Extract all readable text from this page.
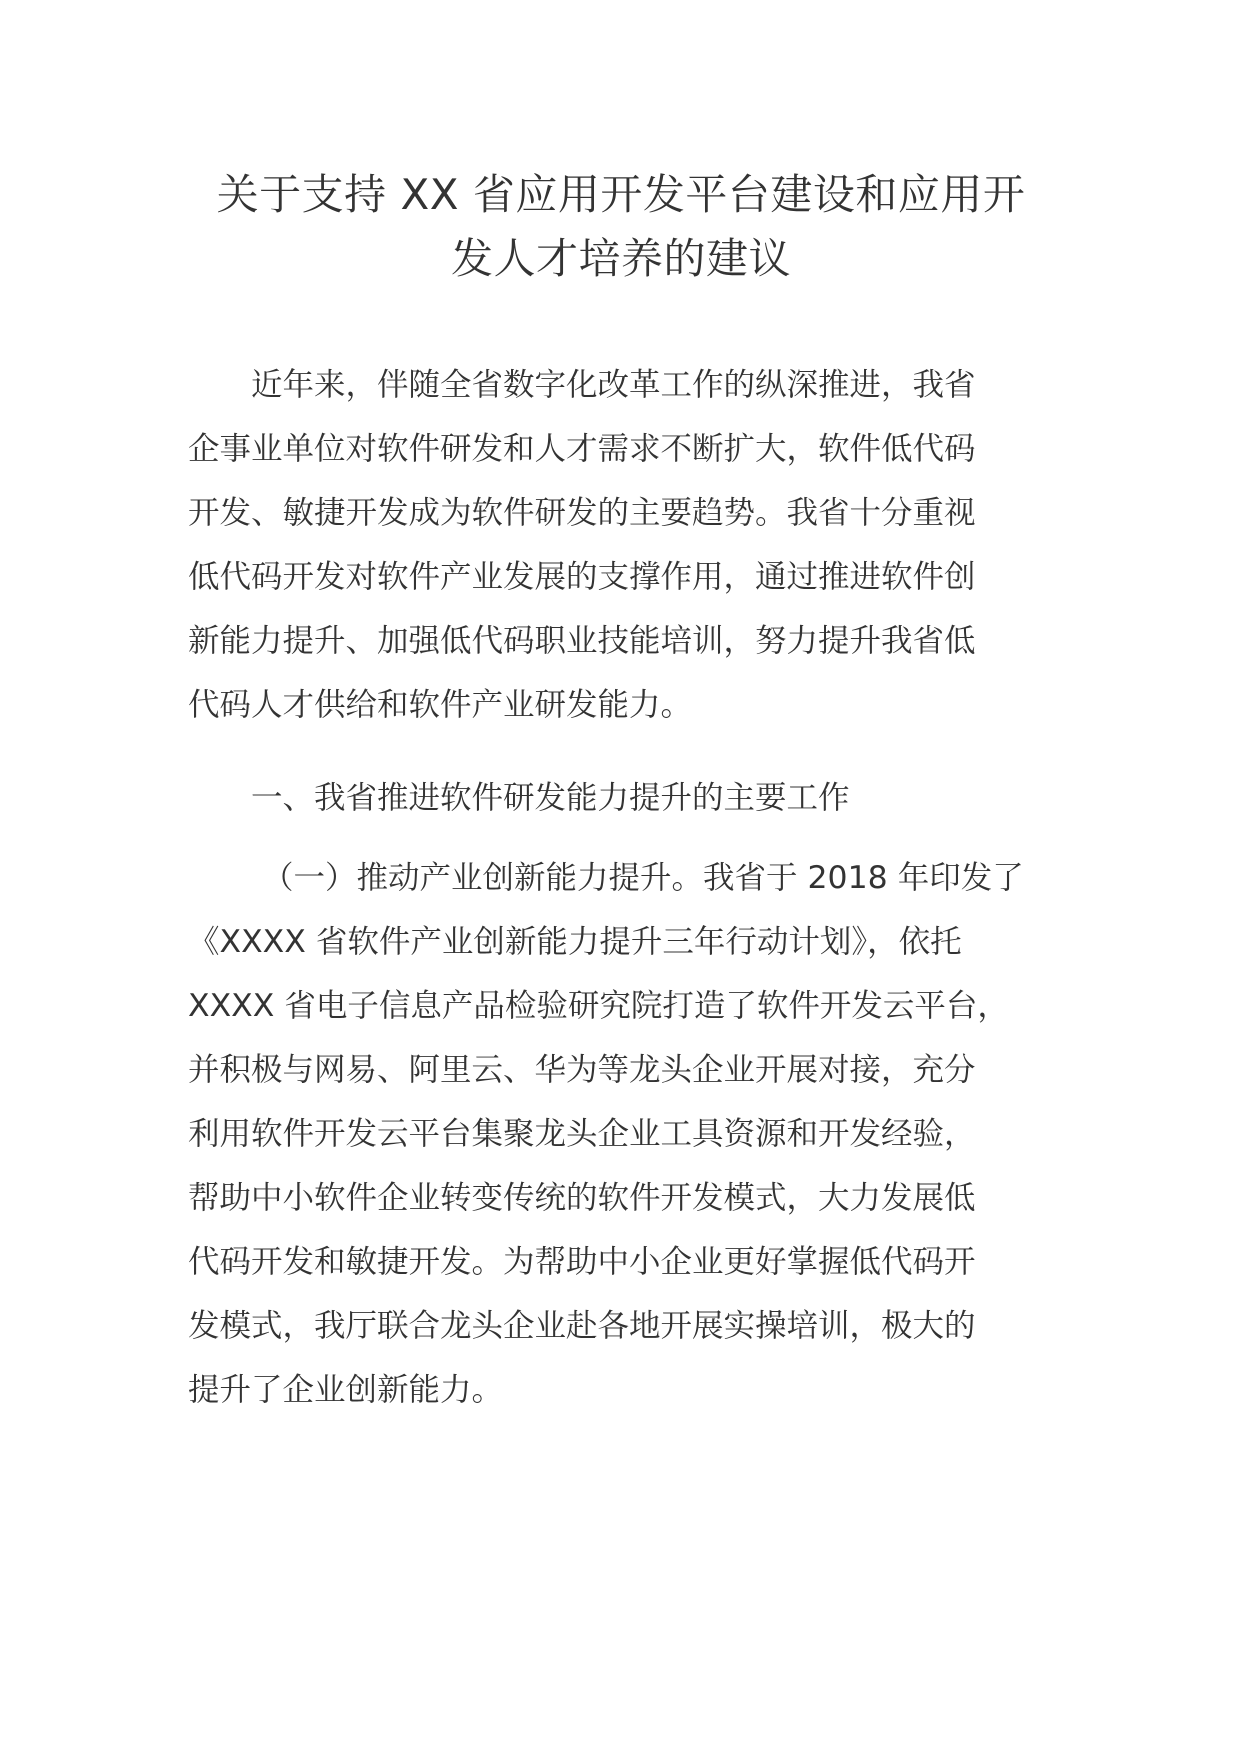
关于支持 XX 省应用开发平台建设和应用开
发人才培养的建议
近年来，伴随全省数字化改革工作的纵深推进，我省
企事业单位对软件研发和人才需求不断扩大，软件低代码
开发、敏捷开发成为软件研发的主要趋势。我省十分重视
低代码开发对软件产业发展的支撑作用，通过推进软件创
新能力提升、加强低代码职业技能培训，努力提升我省低
代码人才供给和软件产业研发能力。
一、我省推进软件研发能力提升的主要工作
（一）推动产业创新能力提升。我省于 2018 年印发了
《XXXX 省软件产业创新能力提升三年行动计划》，依托
XXXX 省电子信息产品检验研究院打造了软件开发云平台，
并积极与网易、阿里云、华为等龙头企业开展对接，充分
利用软件开发云平台集聚龙头企业工具资源和开发经验，
帮助中小软件企业转变传统的软件开发模式，大力发展低
代码开发和敏捷开发。为帮助中小企业更好掌握低代码开
发模式，我厅联合龙头企业赴各地开展实操培训，极大的
提升了企业创新能力。
